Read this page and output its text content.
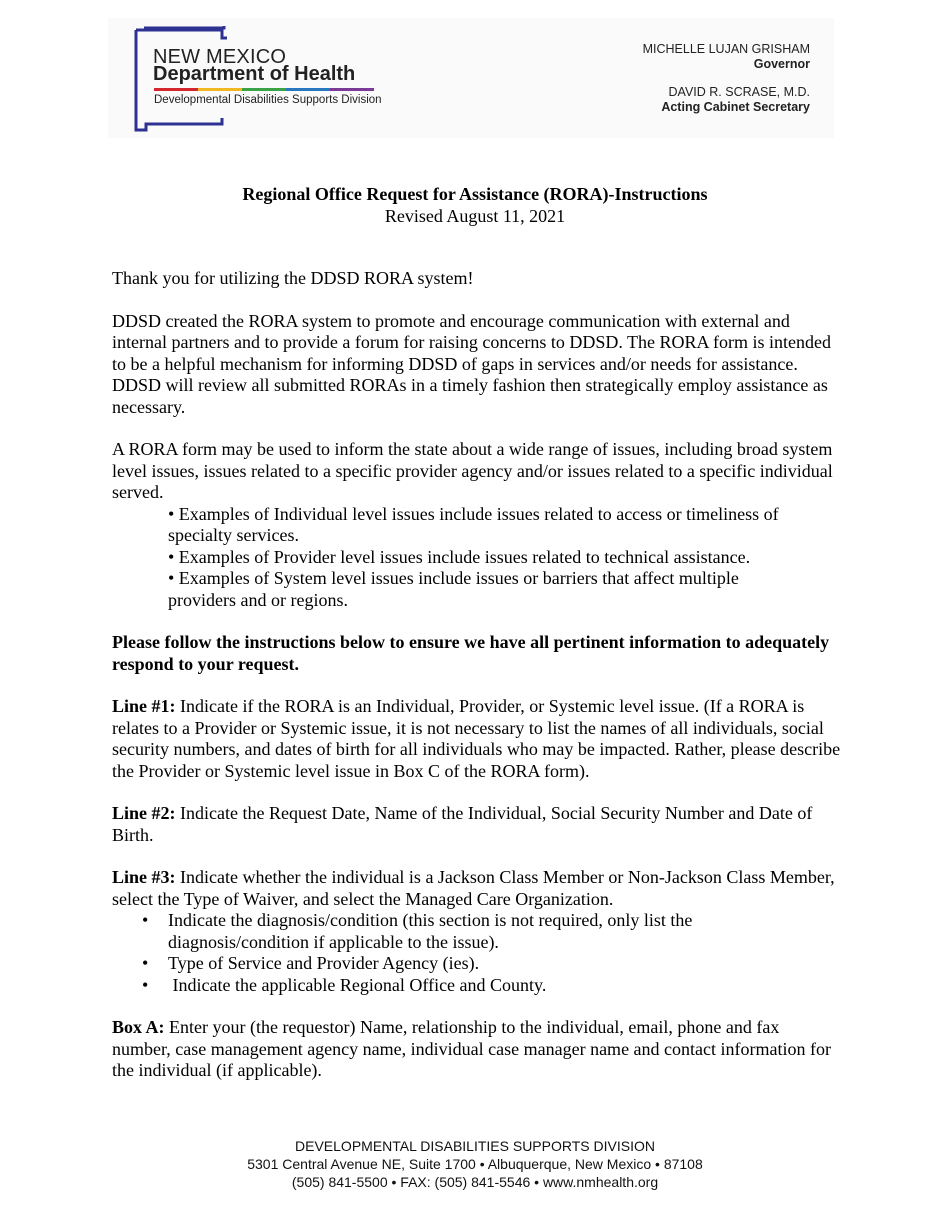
NEW MEXICO
Department of Health
Developmental Disabilities Supports Division
MICHELLE LUJAN GRISHAM
Governor
DAVID R. SCRASE, M.D.
Acting Cabinet Secretary
Regional Office Request for Assistance (RORA)-Instructions
Revised August 11, 2021

Thank you for utilizing the DDSD RORA system!

DDSD created the RORA system to promote and encourage communication with external and internal partners and to provide a forum for raising concerns to DDSD. The RORA form is intended to be a helpful mechanism for informing DDSD of gaps in services and/or needs for assistance. DDSD will review all submitted RORAs in a timely fashion then strategically employ assistance as necessary.

A RORA form may be used to inform the state about a wide range of issues, including broad system level issues, issues related to a specific provider agency and/or issues related to a specific individual served.

• Examples of Individual level issues include issues related to access or timeliness of specialty services.
• Examples of Provider level issues include issues related to technical assistance.
• Examples of System level issues include issues or barriers that affect multiple providers and or regions.

Please follow the instructions below to ensure we have all pertinent information to adequately respond to your request.

Line #1: Indicate if the RORA is an Individual, Provider, or Systemic level issue. (If a RORA is relates to a Provider or Systemic issue, it is not necessary to list the names of all individuals, social security numbers, and dates of birth for all individuals who may be impacted. Rather, please describe the Provider or Systemic level issue in Box C of the RORA form).

Line #2: Indicate the Request Date, Name of the Individual, Social Security Number and Date of Birth.

Line #3: Indicate whether the individual is a Jackson Class Member or Non-Jackson Class Member, select the Type of Waiver, and select the Managed Care Organization.

• Indicate the diagnosis/condition (this section is not required, only list the diagnosis/condition if applicable to the issue).
• Type of Service and Provider Agency (ies).
• Indicate the applicable Regional Office and County.

Box A: Enter your (the requestor) Name, relationship to the individual, email, phone and fax number, case management agency name, individual case manager name and contact information for the individual (if applicable).

DEVELOPMENTAL DISABILITIES SUPPORTS DIVISION
5301 Central Avenue NE, Suite 1700 • Albuquerque, New Mexico • 87108
(505) 841-5500 • FAX: (505) 841-5546 • www.nmhealth.org
